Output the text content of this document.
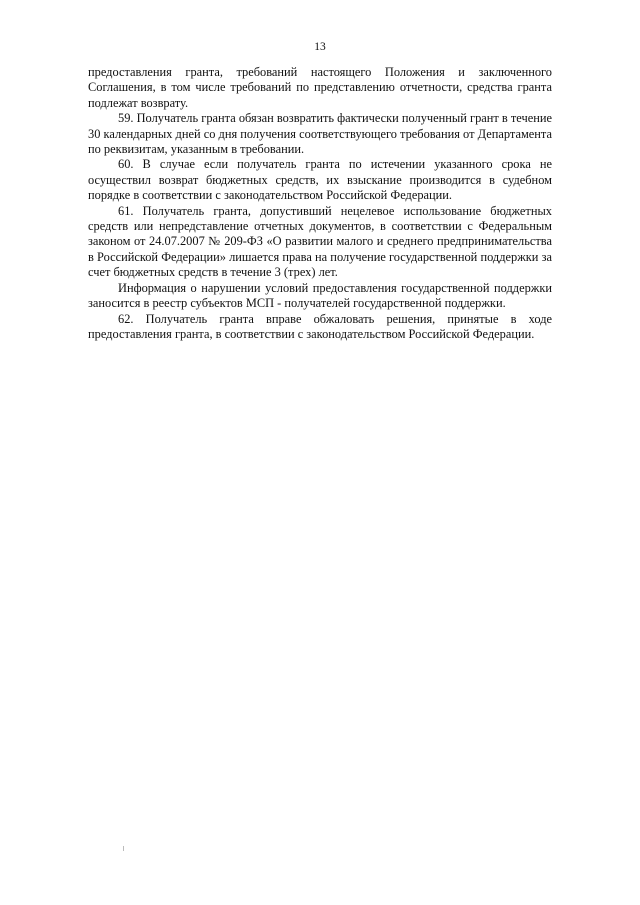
13

предоставления гранта, требований настоящего Положения и заключенного Соглашения, в том числе требований по представлению отчетности, средства гранта подлежат возврату.

59. Получатель гранта обязан возвратить фактически полученный грант в течение 30 календарных дней со дня получения соответствующего требования от Департамента по реквизитам, указанным в требовании.

60. В случае если получатель гранта по истечении указанного срока не осуществил возврат бюджетных средств, их взыскание производится в судебном порядке в соответствии с законодательством Российской Федерации.

61. Получатель гранта, допустивший нецелевое использование бюджетных средств или непредставление отчетных документов, в соответствии с Федеральным законом от 24.07.2007 № 209-ФЗ «О развитии малого и среднего предпринимательства в Российской Федерации» лишается права на получение государственной поддержки за счет бюджетных средств в течение 3 (трех) лет.

Информация о нарушении условий предоставления государственной поддержки заносится в реестр субъектов МСП - получателей государственной поддержки.

62. Получатель гранта вправе обжаловать решения, принятые в ходе предоставления гранта, в соответствии с законодательством Российской Федерации.
